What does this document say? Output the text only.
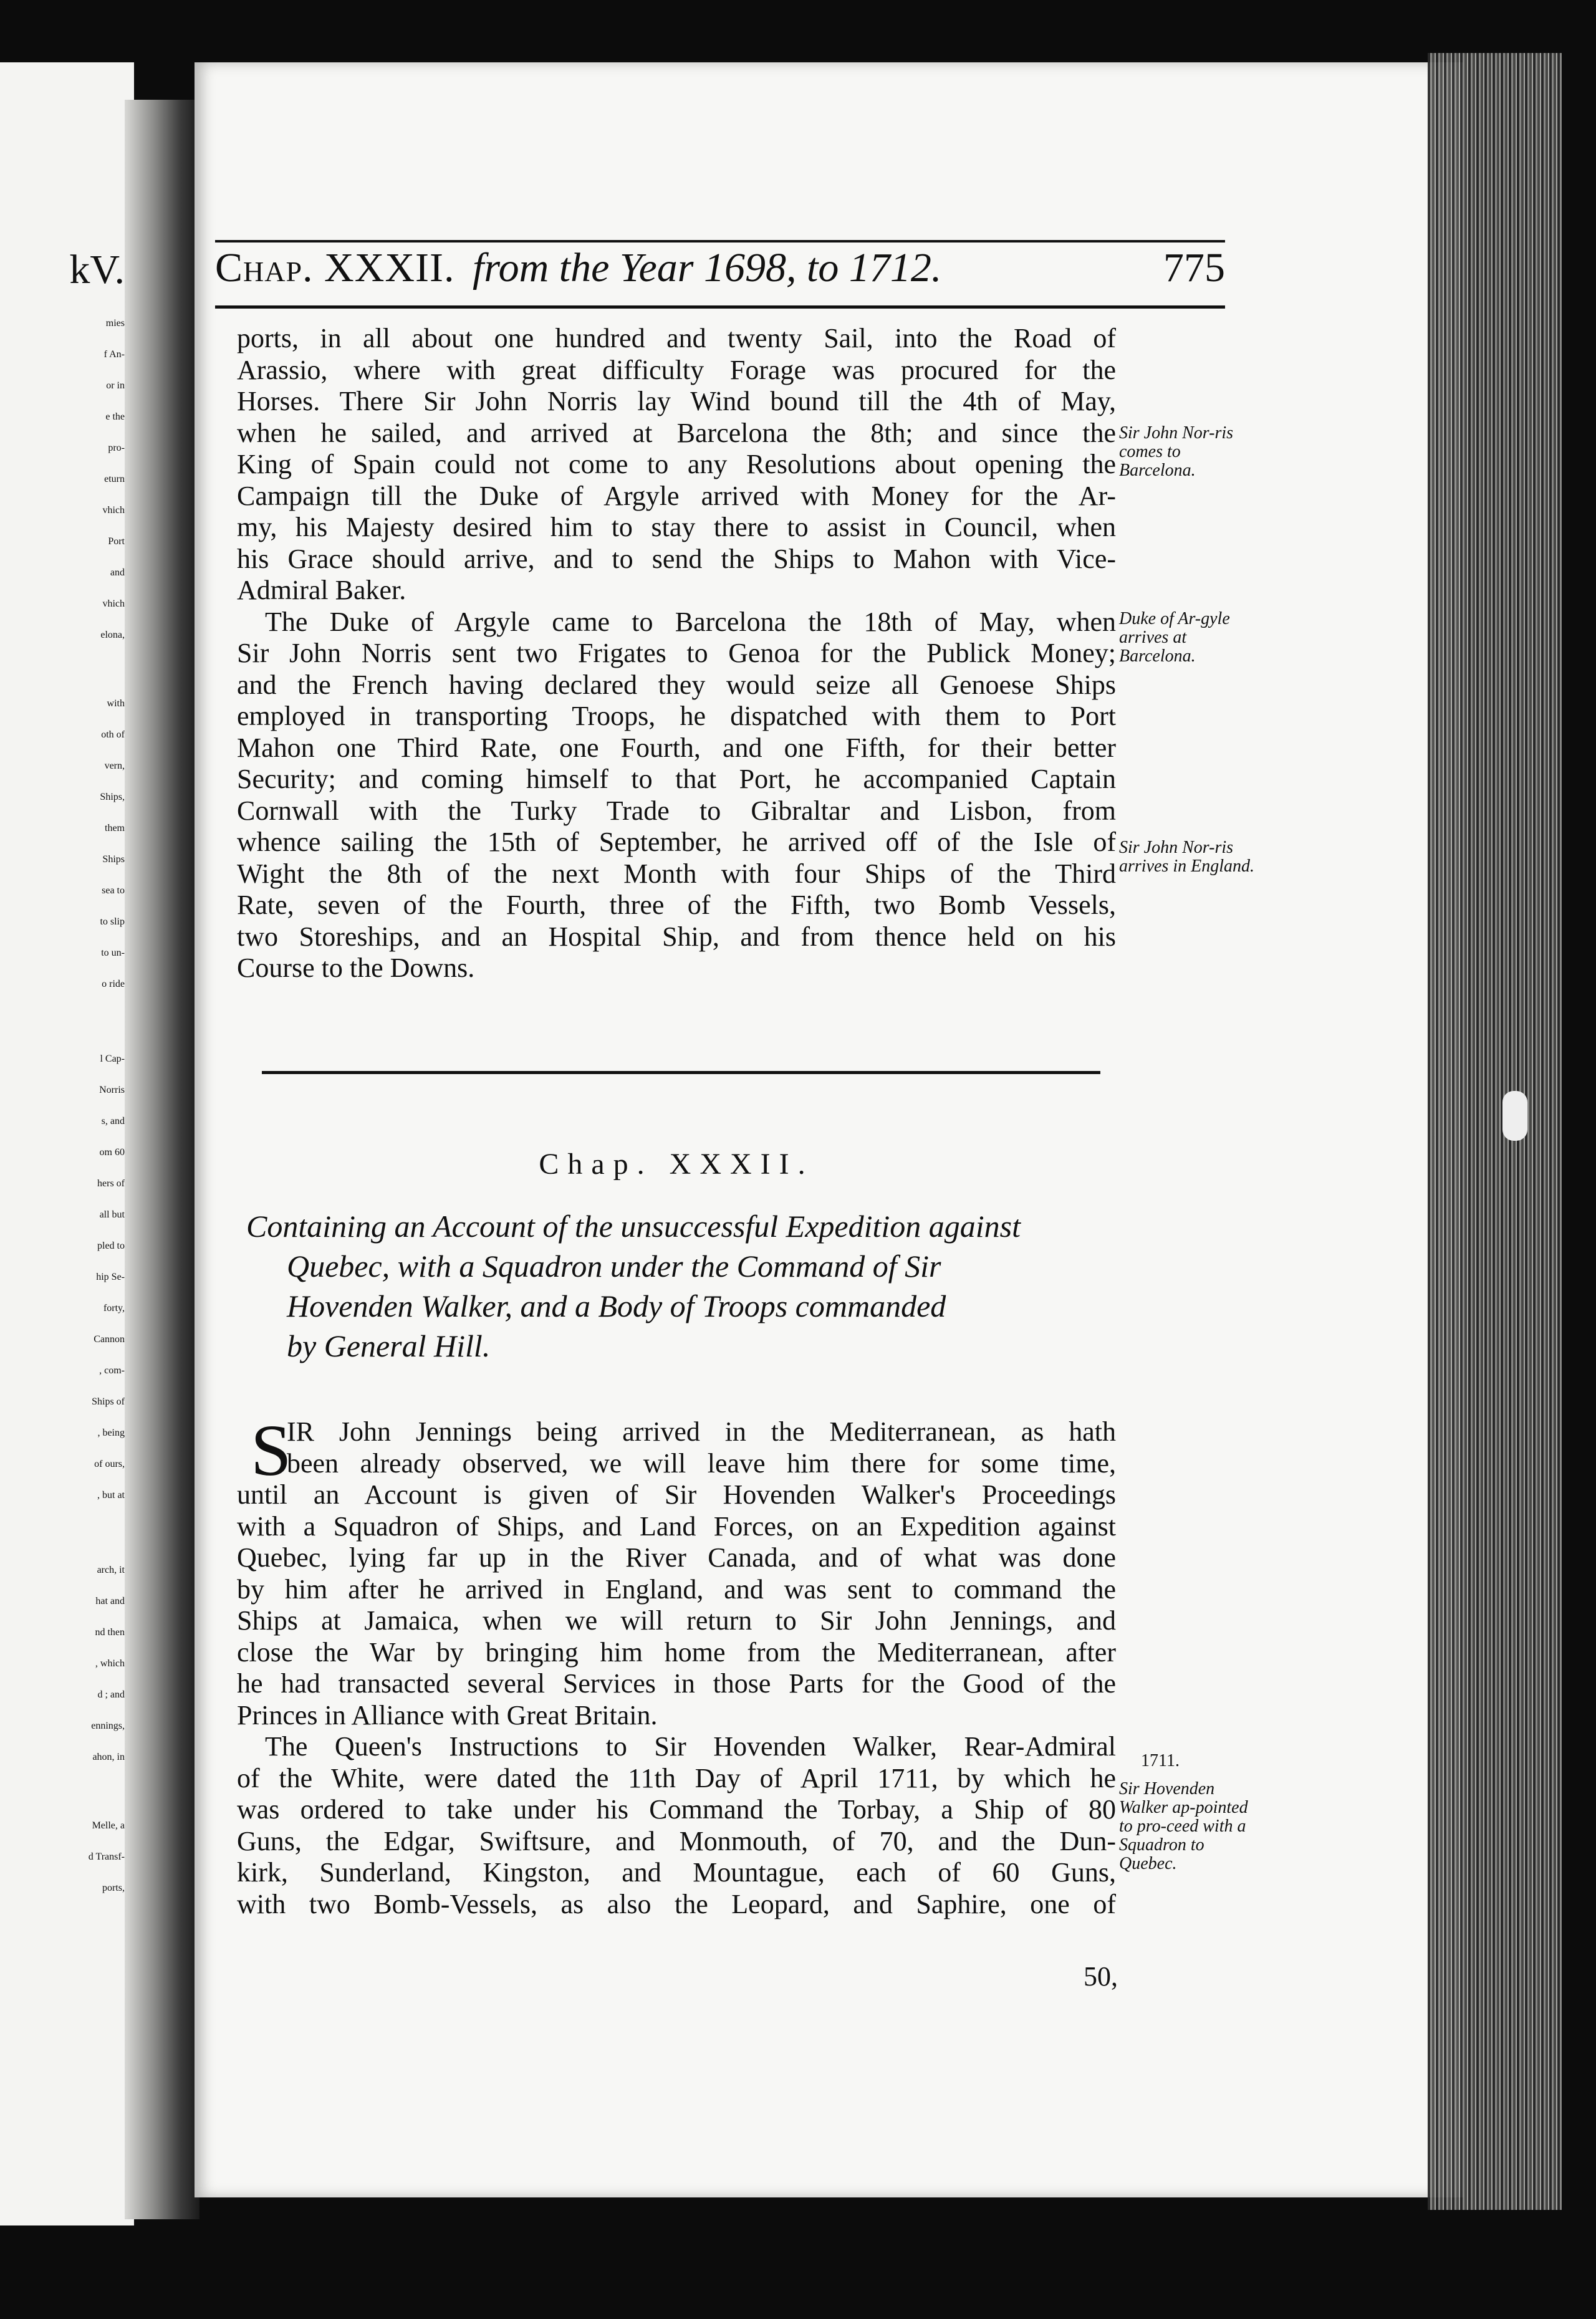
Chap. XXXII. from the Year 1698, to 1712.	775
ports, in all about one hundred and twenty Sail, into the Road of
Arassio, where with great difficulty Forage was procured for the
Horses. There Sir John Norris lay Wind bound till the 4th of May,
when he sailed, and arrived at Barcelona the 8th; and since the
King of Spain could not come to any Resolutions about opening the
Campaign till the Duke of Argyle arrived with Money for the Ar-
my, his Majesty desired him to stay there to assist in Council, when
his Grace should arrive, and to send the Ships to Mahon with Vice-
Admiral Baker.
The Duke of Argyle came to Barcelona the 18th of May, when
Sir John Norris sent two Frigates to Genoa for the Publick Money;
and the French having declared they would seize all Genoese Ships
employed in transporting Troops, he dispatched with them to Port
Mahon one Third Rate, one Fourth, and one Fifth, for their better
Security; and coming himself to that Port, he accompanied Captain
Cornwall with the Turky Trade to Gibraltar and Lisbon, from
whence sailing the 15th of September, he arrived off of the Isle of
Wight the 8th of the next Month with four Ships of the Third
Rate, seven of the Fourth, three of the Fifth, two Bomb Vessels,
two Storeships, and an Hospital Ship, and from thence held on his
Course to the Downs.
Chap. XXXII.
Containing an Account of the unsuccessful Expedition against
Quebec, with a Squadron under the Command of Sir
Hovenden Walker, and a Body of Troops commanded
by General Hill.
S
IR John Jennings being arrived in the Mediterranean, as hath
been already observed, we will leave him there for some time,
until an Account is given of Sir Hovenden Walker's Proceedings
with a Squadron of Ships, and Land Forces, on an Expedition against
Quebec, lying far up in the River Canada, and of what was done
by him after he arrived in England, and was sent to command the
Ships at Jamaica, when we will return to Sir John Jennings, and
close the War by bringing him home from the Mediterranean, after
he had transacted several Services in those Parts for the Good of the
Princes in Alliance with Great Britain.
The Queen's Instructions to Sir Hovenden Walker, Rear-Admiral
of the White, were dated the 11th Day of April 1711, by which he
was ordered to take under his Command the Torbay, a Ship of 80
Guns, the Edgar, Swiftsure, and Monmouth, of 70, and the Dun-
kirk, Sunderland, Kingston, and Mountague, each of 60 Guns,
with two Bomb-Vessels, as also the Leopard, and Saphire, one of
Sir John Nor-ris comes to Barcelona.
Duke of Ar-gyle arrives at Barcelona.
Sir John Nor-ris arrives in England.
1711.
Sir Hovenden Walker ap-pointed to pro-ceed with a Squadron to Quebec.
50,
kV.
mies
f An-
or in
e the
pro-
eturn
vhich
Port
and
vhich
elona,
with
oth of
vern,
Ships,
them
Ships
sea to
to slip
to un-
o ride
l Cap-
Norris
s, and
om 60
hers of
all but
pled to
hip Se-
forty,
Cannon
, com-
Ships of
, being
of ours,
, but at
arch, it
hat and
nd then
, which
d ; and
ennings,
ahon, in
Melle, a
d Transf-
ports,
